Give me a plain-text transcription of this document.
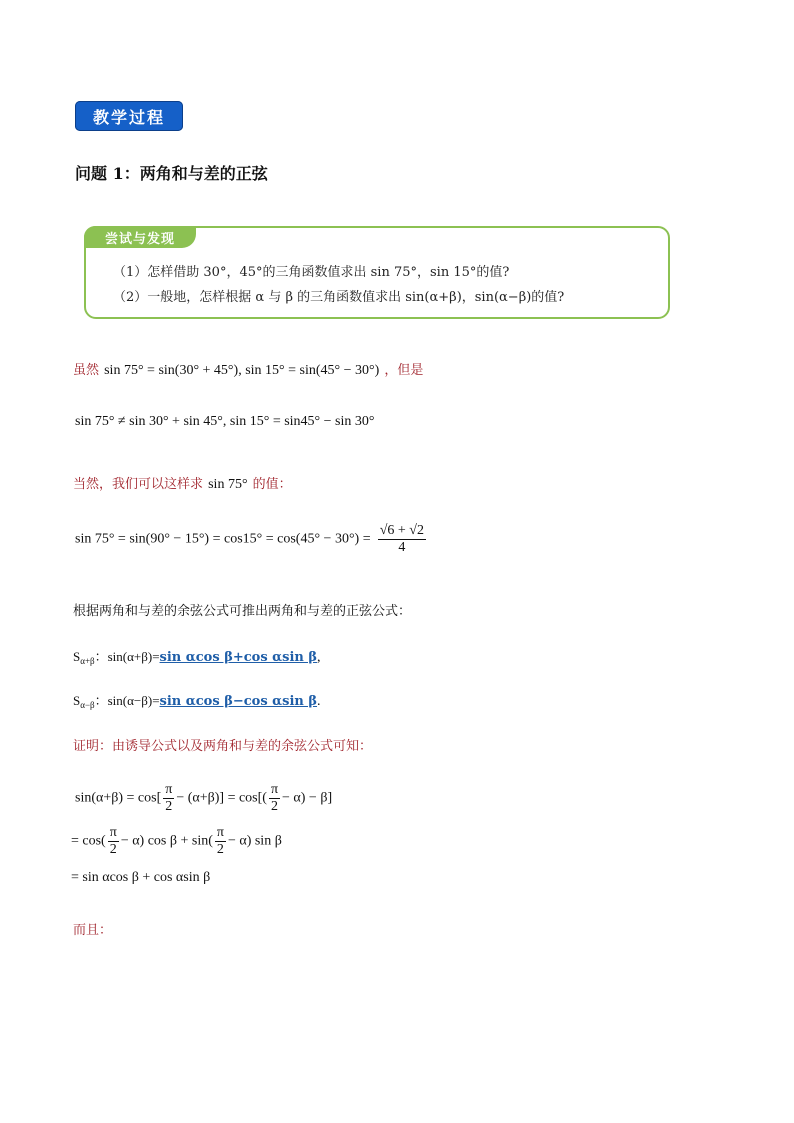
教学过程
问题 1：两角和与差的正弦
尝试与发现
（1）怎样借助 30°，45°的三角函数值求出 sin 75°，sin 15°的值?
（2）一般地，怎样根据 α 与 β 的三角函数值求出 sin(α+β)，sin(α−β)的值?
虽然 sin 75° = sin(30° + 45°), sin 15° = sin(45° − 30°) ，但是
sin 75° ≠ sin 30° + sin 45°, sin 15° = sin45° − sin 30°
当然，我们可以这样求 sin 75° 的值：
$\sin 75^\circ = \sin(90^\circ - 15^\circ) = \cos 15^\circ = \cos(45^\circ - 30^\circ) = \frac{√6 + √2}{4}$
根据两角和与差的余弦公式可推出两角和与差的正弦公式：
$S_{\alpha+\beta}$：sin(α+β)=sin αcos β+cos αsin β,
$S_{\alpha-\beta}$：sin(α−β)=sin αcos β−cos αsin β.
证明：由诱导公式以及两角和与差的余弦公式可知：
$\sin(\alpha+\beta) = \cos[ \frac{\pi}{2} - (\alpha+\beta)] = \cos[( \frac{\pi}{2} - \alpha) - \beta]$
= $\cos( \frac{\pi}{2} - \alpha)$ $\cos \beta + \sin( \frac{\pi}{2} - \alpha)$ sin β
= sin αcos β + cos αsin β
而且：
